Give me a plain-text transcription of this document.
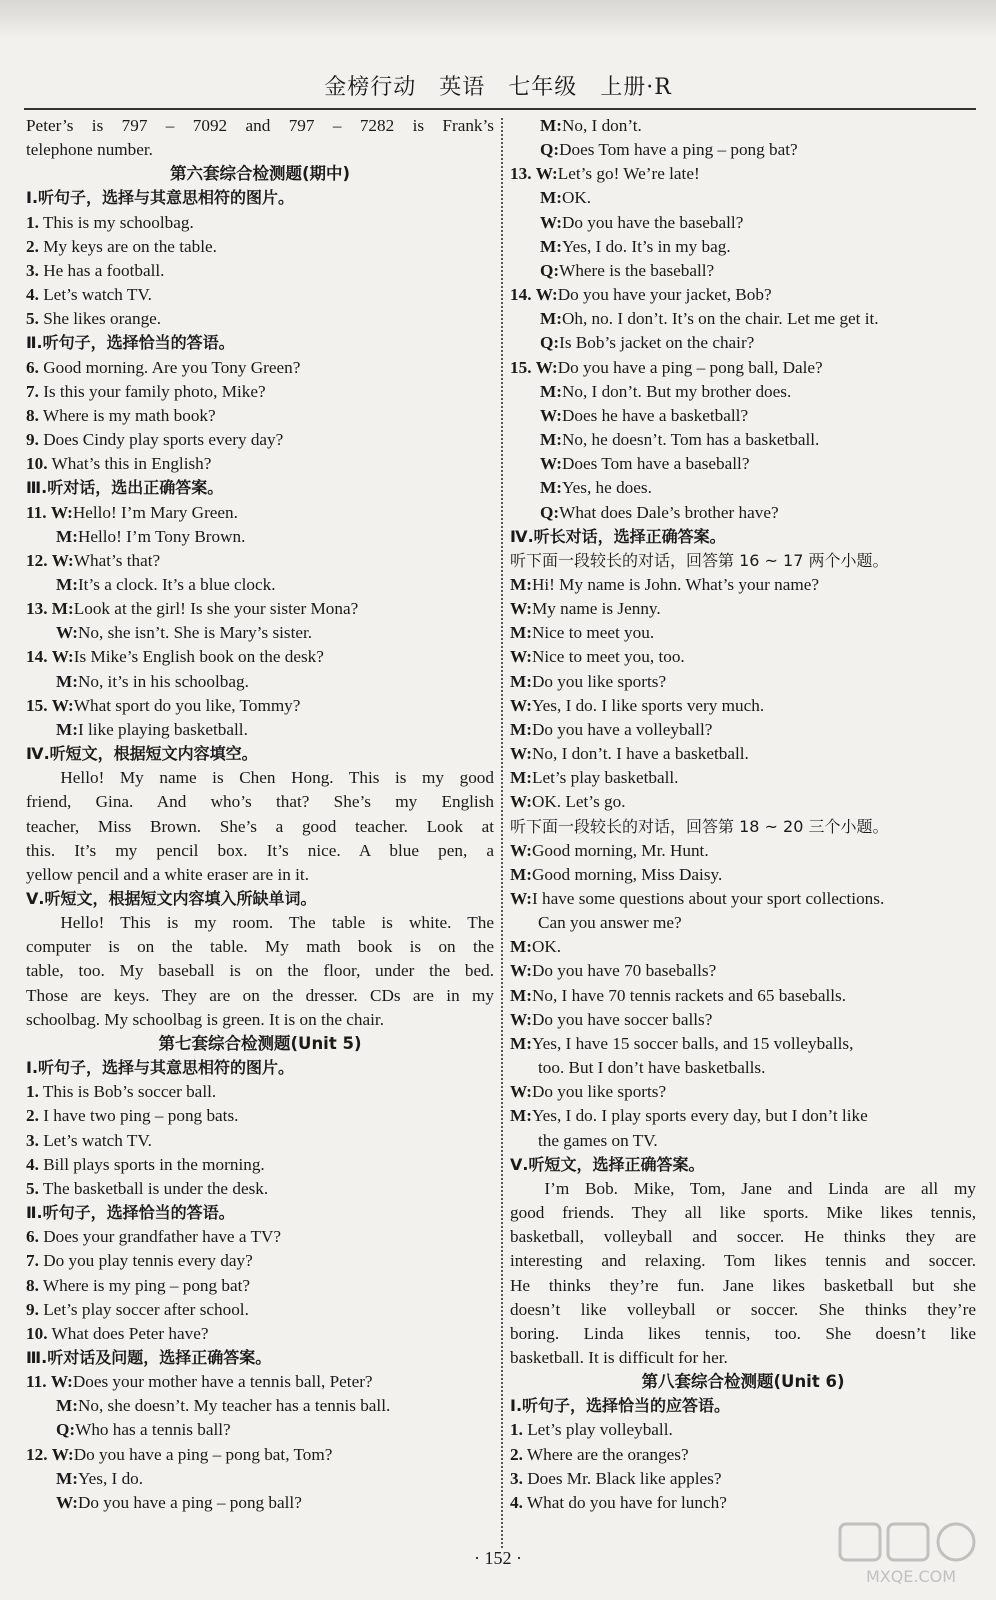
金榜行动　英语　七年级　上册·R
Peter’s is 797 – 7092 and 797 – 7282 is Frank’s
telephone number.
第六套综合检测题(期中)
Ⅰ.听句子，选择与其意思相符的图片。
1. This is my schoolbag.
2. My keys are on the table.
3. He has a football.
4. Let’s watch TV.
5. She likes orange.
Ⅱ.听句子，选择恰当的答语。
6. Good morning. Are you Tony Green?
7. Is this your family photo, Mike?
8. Where is my math book?
9. Does Cindy play sports every day?
10. What’s this in English?
Ⅲ.听对话，选出正确答案。
11. W:Hello! I’m Mary Green.
M:Hello! I’m Tony Brown.
12. W:What’s that?
M:It’s a clock. It’s a blue clock.
13. M:Look at the girl! Is she your sister Mona?
W:No, she isn’t. She is Mary’s sister.
14. W:Is Mike’s English book on the desk?
M:No, it’s in his schoolbag.
15. W:What sport do you like, Tommy?
M:I like playing basketball.
Ⅳ.听短文，根据短文内容填空。
Hello! My name is Chen Hong. This is my good
friend, Gina. And who’s that? She’s my English
teacher, Miss Brown. She’s a good teacher. Look at
this. It’s my pencil box. It’s nice. A blue pen, a
yellow pencil and a white eraser are in it.
Ⅴ.听短文，根据短文内容填入所缺单词。
Hello! This is my room. The table is white. The
computer is on the table. My math book is on the
table, too. My baseball is on the floor, under the bed.
Those are keys. They are on the dresser. CDs are in my
schoolbag. My schoolbag is green. It is on the chair.
第七套综合检测题(Unit 5)
Ⅰ.听句子，选择与其意思相符的图片。
1. This is Bob’s soccer ball.
2. I have two ping – pong bats.
3. Let’s watch TV.
4. Bill plays sports in the morning.
5. The basketball is under the desk.
Ⅱ.听句子，选择恰当的答语。
6. Does your grandfather have a TV?
7. Do you play tennis every day?
8. Where is my ping – pong bat?
9. Let’s play soccer after school.
10. What does Peter have?
Ⅲ.听对话及问题，选择正确答案。
11. W:Does your mother have a tennis ball, Peter?
M:No, she doesn’t. My teacher has a tennis ball.
Q:Who has a tennis ball?
12. W:Do you have a ping – pong bat, Tom?
M:Yes, I do.
W:Do you have a ping – pong ball?
M:No, I don’t.
Q:Does Tom have a ping – pong bat?
13. W:Let’s go! We’re late!
M:OK.
W:Do you have the baseball?
M:Yes, I do. It’s in my bag.
Q:Where is the baseball?
14. W:Do you have your jacket, Bob?
M:Oh, no. I don’t. It’s on the chair. Let me get it.
Q:Is Bob’s jacket on the chair?
15. W:Do you have a ping – pong ball, Dale?
M:No, I don’t. But my brother does.
W:Does he have a basketball?
M:No, he doesn’t. Tom has a basketball.
W:Does Tom have a baseball?
M:Yes, he does.
Q:What does Dale’s brother have?
Ⅳ.听长对话，选择正确答案。
听下面一段较长的对话，回答第 16 ~ 17 两个小题。
M:Hi! My name is John. What’s your name?
W:My name is Jenny.
M:Nice to meet you.
W:Nice to meet you, too.
M:Do you like sports?
W:Yes, I do. I like sports very much.
M:Do you have a volleyball?
W:No, I don’t. I have a basketball.
M:Let’s play basketball.
W:OK. Let’s go.
听下面一段较长的对话，回答第 18 ~ 20 三个小题。
W:Good morning, Mr. Hunt.
M:Good morning, Miss Daisy.
W:I have some questions about your sport collections.
Can you answer me?
M:OK.
W:Do you have 70 baseballs?
M:No, I have 70 tennis rackets and 65 baseballs.
W:Do you have soccer balls?
M:Yes, I have 15 soccer balls, and 15 volleyballs,
too. But I don’t have basketballs.
W:Do you like sports?
M:Yes, I do. I play sports every day, but I don’t like
the games on TV.
Ⅴ.听短文，选择正确答案。
I’m Bob. Mike, Tom, Jane and Linda are all my
good friends. They all like sports. Mike likes tennis,
basketball, volleyball and soccer. He thinks they are
interesting and relaxing. Tom likes tennis and soccer.
He thinks they’re fun. Jane likes basketball but she
doesn’t like volleyball or soccer. She thinks they’re
boring. Linda likes tennis, too. She doesn’t like
basketball. It is difficult for her.
第八套综合检测题(Unit 6)
Ⅰ.听句子，选择恰当的应答语。
1. Let’s play volleyball.
2. Where are the oranges?
3. Does Mr. Black like apples?
4. What do you have for lunch?
· 152 ·
MXQE.COM
